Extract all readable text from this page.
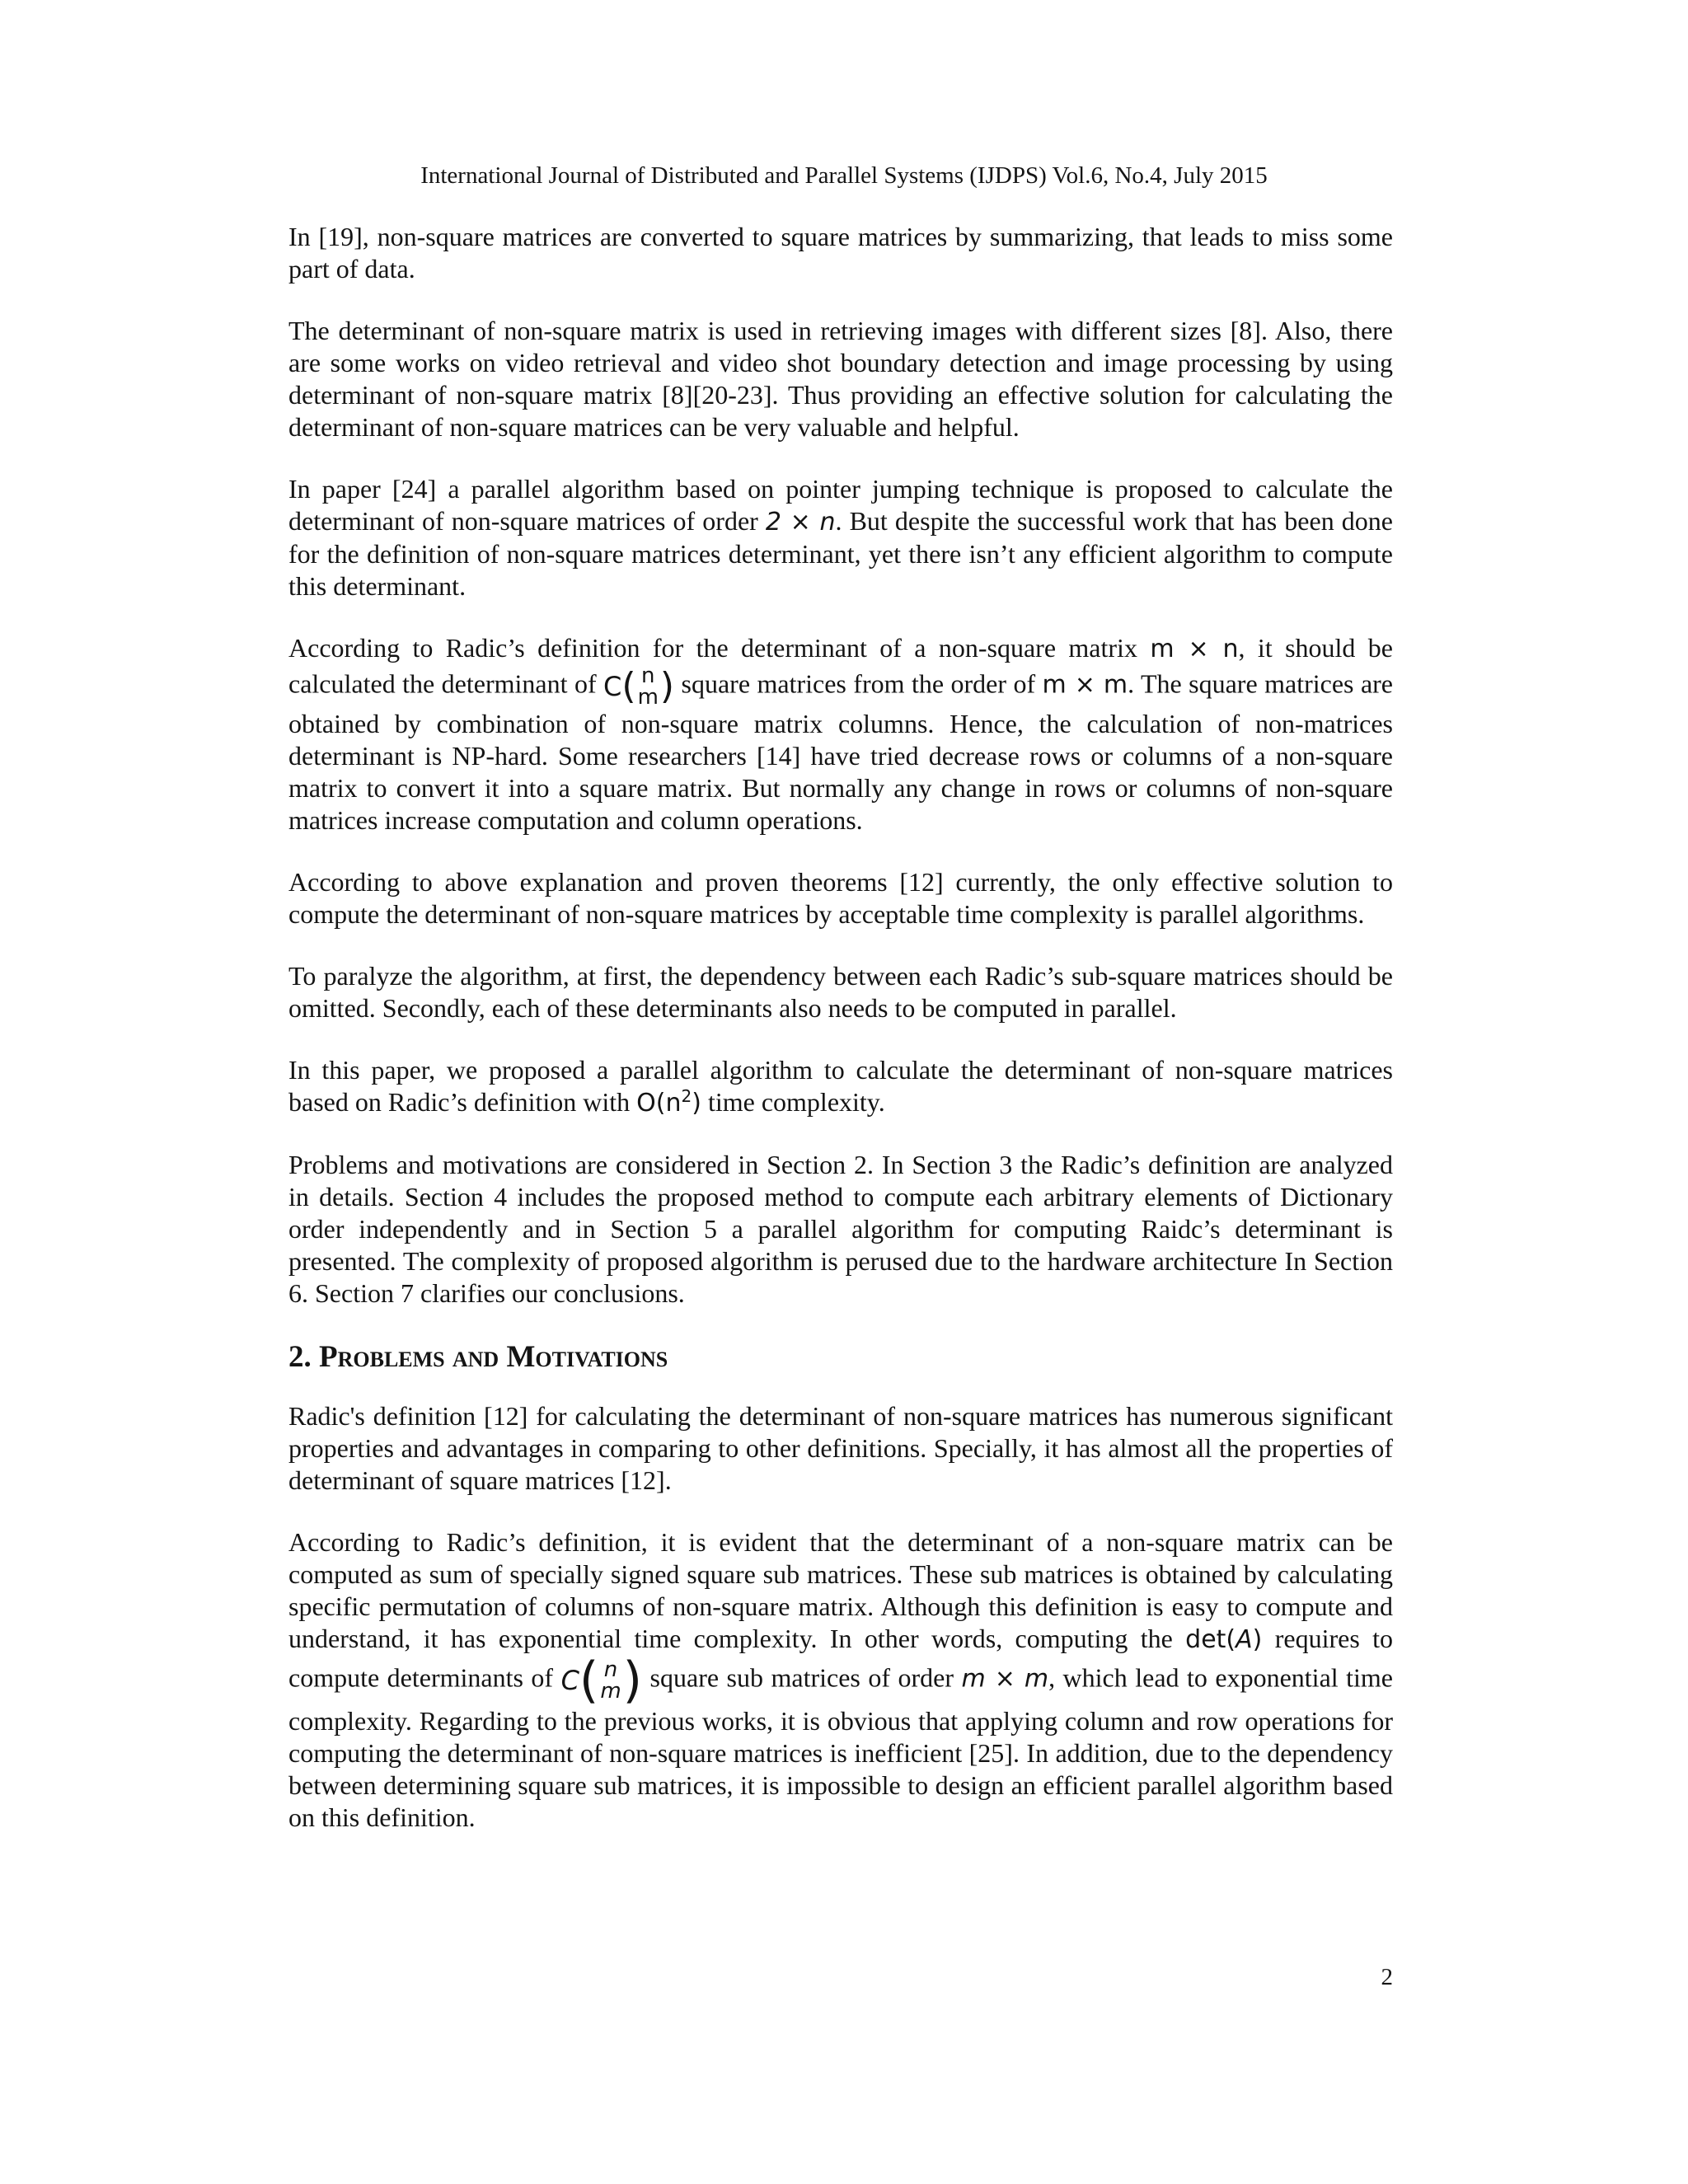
International Journal of Distributed and Parallel Systems (IJDPS) Vol.6, No.4, July 2015

In [19], non-square matrices are converted to square matrices by summarizing, that leads to miss some part of data.

The determinant of non-square matrix is used in retrieving images with different sizes [8]. Also, there are some works on video retrieval and video shot boundary detection and image processing by using determinant of non-square matrix [8][20-23]. Thus providing an effective solution for calculating the determinant of non-square matrices can be very valuable and helpful.

In paper [24] a parallel algorithm based on pointer jumping technique is proposed to calculate the determinant of non-square matrices of order 2 × n. But despite the successful work that has been done for the definition of non-square matrices determinant, yet there isn’t any efficient algorithm to compute this determinant.

According to Radic’s definition for the determinant of a non-square matrix m × n, it should be calculated the determinant of C ( n
m ) square matrices from the order of m × m. The square matrices are obtained by combination of non-square matrix columns. Hence, the calculation of non-matrices determinant is NP-hard. Some researchers [14] have tried decrease rows or columns of a non-square matrix to convert it into a square matrix. But normally any change in rows or columns of non-square matrices increase computation and column operations.

According to above explanation and proven theorems [12] currently, the only effective solution to compute the determinant of non-square matrices by acceptable time complexity is parallel algorithms.

To paralyze the algorithm, at first, the dependency between each Radic’s sub-square matrices should be omitted. Secondly, each of these determinants also needs to be computed in parallel.

In this paper, we proposed a parallel algorithm to calculate the determinant of non-square matrices based on Radic’s definition with $O(n^2)$ time complexity.

Problems and motivations are considered in Section 2. In Section 3 the Radic’s definition are analyzed in details. Section 4 includes the proposed method to compute each arbitrary elements of Dictionary order independently and in Section 5 a parallel algorithm for computing Raidc’s determinant is presented. The complexity of proposed algorithm is perused due to the hardware architecture In Section 6. Section 7 clarifies our conclusions.

2. Problems and Motivations

Radic's definition [12] for calculating the determinant of non-square matrices has numerous significant properties and advantages in comparing to other definitions. Specially, it has almost all the properties of determinant of square matrices [12].

According to Radic’s definition, it is evident that the determinant of a non-square matrix can be computed as sum of specially signed square sub matrices. These sub matrices is obtained by calculating specific permutation of columns of non-square matrix. Although this definition is easy to compute and understand, it has exponential time complexity. In other words, computing the det(A) requires to compute determinants of C ( n
m ) square sub matrices of order m × m, which lead to exponential time complexity. Regarding to the previous works, it is obvious that applying column and row operations for computing the determinant of non-square matrices is inefficient [25]. In addition, due to the dependency between determining square sub matrices, it is impossible to design an efficient parallel algorithm based on this definition.

2
